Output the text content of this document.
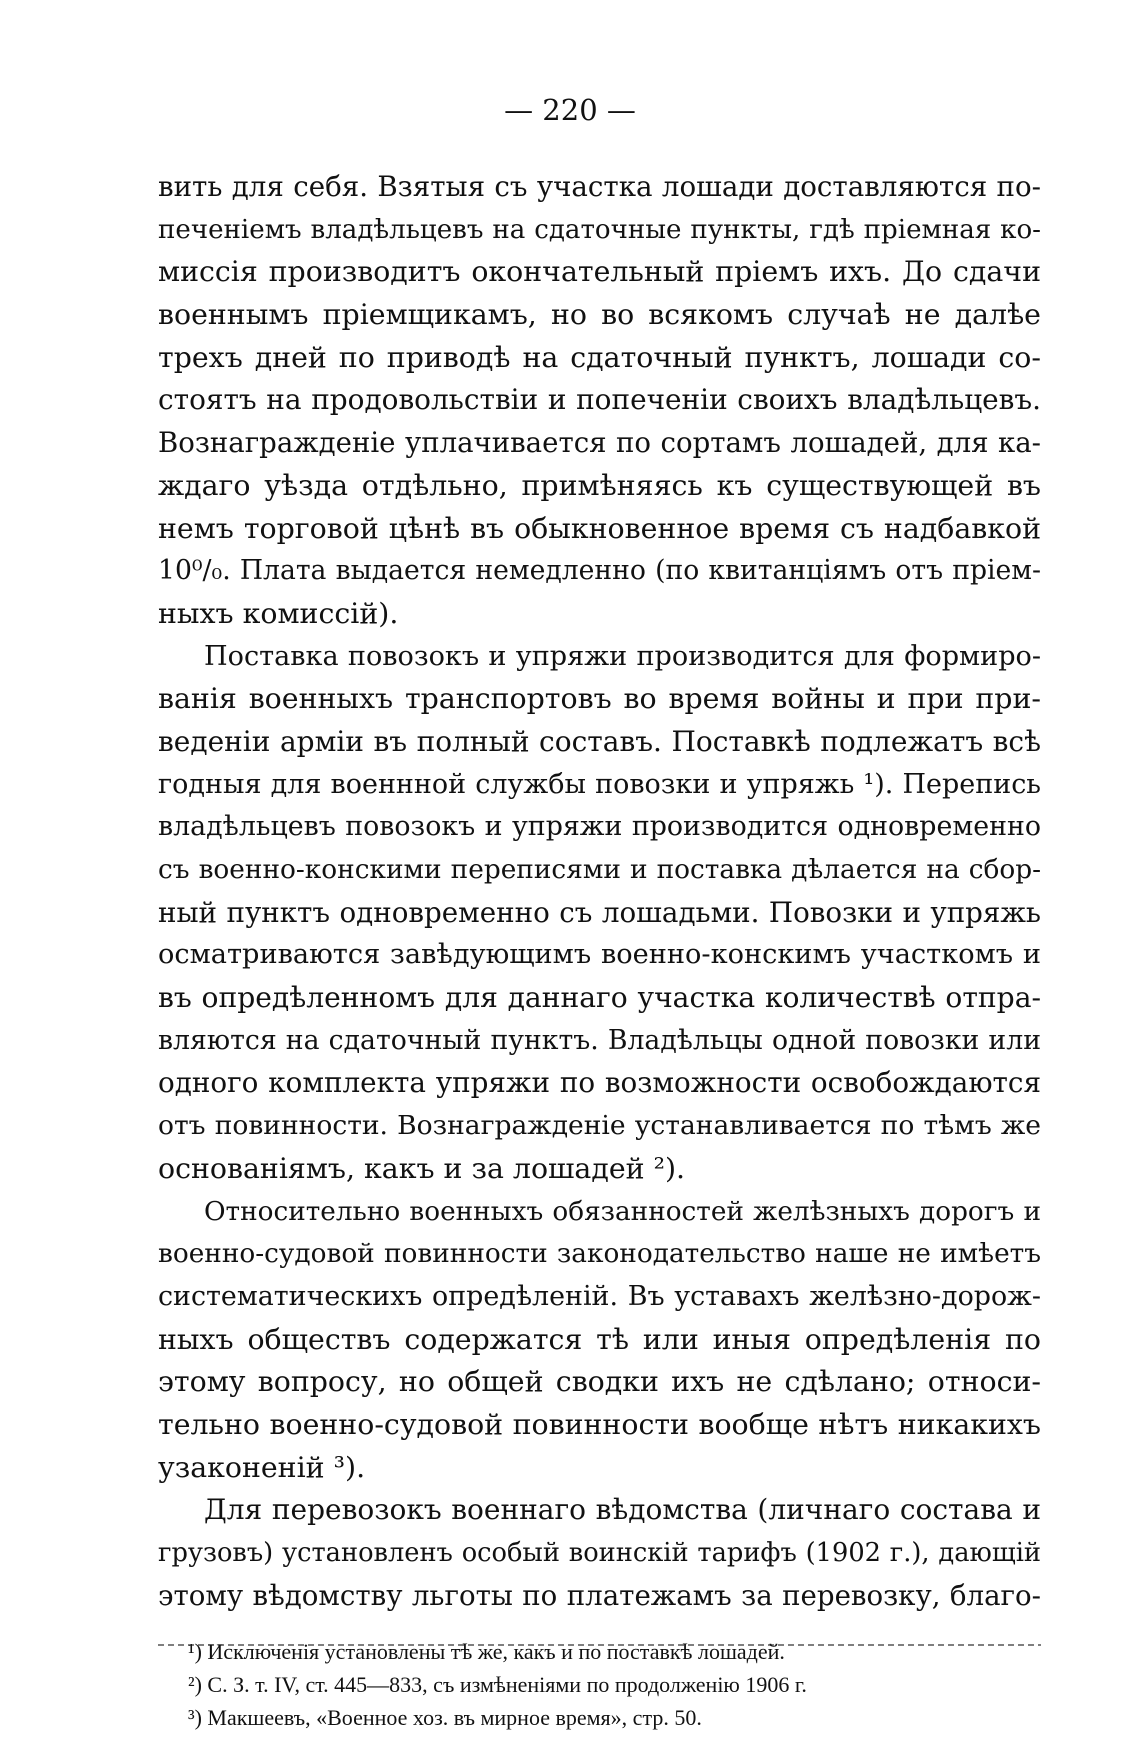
— 220 —
вить для себя. Взятыя съ участка лошади доставляются по-
печеніемъ владѣльцевъ на сдаточные пункты, гдѣ пріемная ко-
миссія производитъ окончательный пріемъ ихъ. До сдачи
военнымъ пріемщикамъ, но во всякомъ случаѣ не далѣе
трехъ дней по приводѣ на сдаточный пунктъ, лошади со-
стоятъ на продовольствіи и попеченіи своихъ владѣльцевъ.
Вознагражденіе уплачивается по сортамъ лошадей, для ка-
ждаго уѣзда отдѣльно, примѣняясь къ существующей въ
немъ торговой цѣнѣ въ обыкновенное время съ надбавкой
10⁰/₀. Плата выдается немедленно (по квитанціямъ отъ пріем-
ныхъ комиссій).
Поставка повозокъ и упряжи производится для формиро-
ванія военныхъ транспортовъ во время войны и при при-
веденіи арміи въ полный составъ. Поставкѣ подлежатъ всѣ
годныя для военнной службы повозки и упряжь ¹). Перепись
владѣльцевъ повозокъ и упряжи производится одновременно
съ военно-конскими переписями и поставка дѣлается на сбор-
ный пунктъ одновременно съ лошадьми. Повозки и упряжь
осматриваются завѣдующимъ военно-конскимъ участкомъ и
въ опредѣленномъ для даннаго участка количествѣ отпра-
вляются на сдаточный пунктъ. Владѣльцы одной повозки или
одного комплекта упряжи по возможности освобождаются
отъ повинности. Вознагражденіе устанавливается по тѣмъ же
основаніямъ, какъ и за лошадей ²).
Относительно военныхъ обязанностей желѣзныхъ дорогъ и
военно-судовой повинности законодательство наше не имѣетъ
систематическихъ опредѣленій. Въ уставахъ желѣзно-дорож-
ныхъ обществъ содержатся тѣ или иныя опредѣленія по
этому вопросу, но общей сводки ихъ не сдѣлано; относи-
тельно военно-судовой повинности вообще нѣтъ никакихъ
узаконеній ³).
Для перевозокъ военнаго вѣдомства (личнаго состава и
грузовъ) установленъ особый воинскій тарифъ (1902 г.), дающій
этому вѣдомству льготы по платежамъ за перевозку, благо-
¹) Исключенія установлены тѣ же, какъ и по поставкѣ лошадей.
²) С. З. т. IV, ст. 445—833, съ измѣненіями по продолженію 1906 г.
³) Макшеевъ, «Военное хоз. въ мирное время», стр. 50.
